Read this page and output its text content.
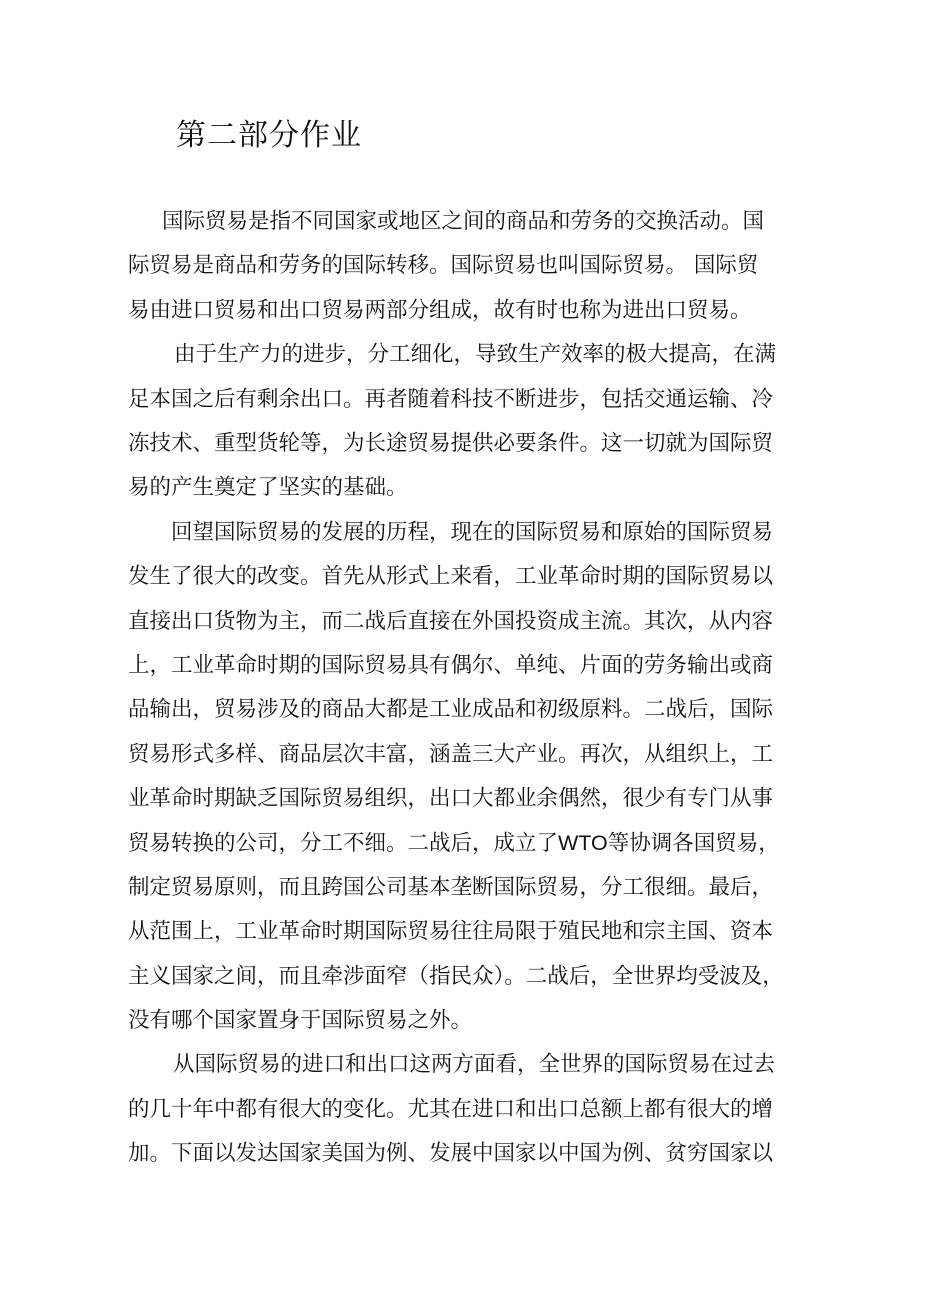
第二部分作业
国际贸易是指不同国家或地区之间的商品和劳务的交换活动。国
际贸易是商品和劳务的国际转移。国际贸易也叫国际贸易。 国际贸
易由进口贸易和出口贸易两部分组成，故有时也称为进出口贸易。
由于生产力的进步，分工细化，导致生产效率的极大提高，在满
足本国之后有剩余出口。再者随着科技不断进步，包括交通运输、冷
冻技术、重型货轮等，为长途贸易提供必要条件。这一切就为国际贸
易的产生奠定了坚实的基础。
回望国际贸易的发展的历程，现在的国际贸易和原始的国际贸易
发生了很大的改变。首先从形式上来看，工业革命时期的国际贸易以
直接出口货物为主，而二战后直接在外国投资成主流。其次，从内容
上，工业革命时期的国际贸易具有偶尔、单纯、片面的劳务输出或商
品输出，贸易涉及的商品大都是工业成品和初级原料。二战后，国际
贸易形式多样、商品层次丰富，涵盖三大产业。再次，从组织上，工
业革命时期缺乏国际贸易组织，出口大都业余偶然，很少有专门从事
贸易转换的公司，分工不细。二战后，成立了WTO等协调各国贸易，
制定贸易原则，而且跨国公司基本垄断国际贸易，分工很细。最后，
从范围上，工业革命时期国际贸易往往局限于殖民地和宗主国、资本
主义国家之间，而且牵涉面窄（指民众）。二战后，全世界均受波及，
没有哪个国家置身于国际贸易之外。
从国际贸易的进口和出口这两方面看，全世界的国际贸易在过去
的几十年中都有很大的变化。尤其在进口和出口总额上都有很大的增
加。下面以发达国家美国为例、发展中国家以中国为例、贫穷国家以
